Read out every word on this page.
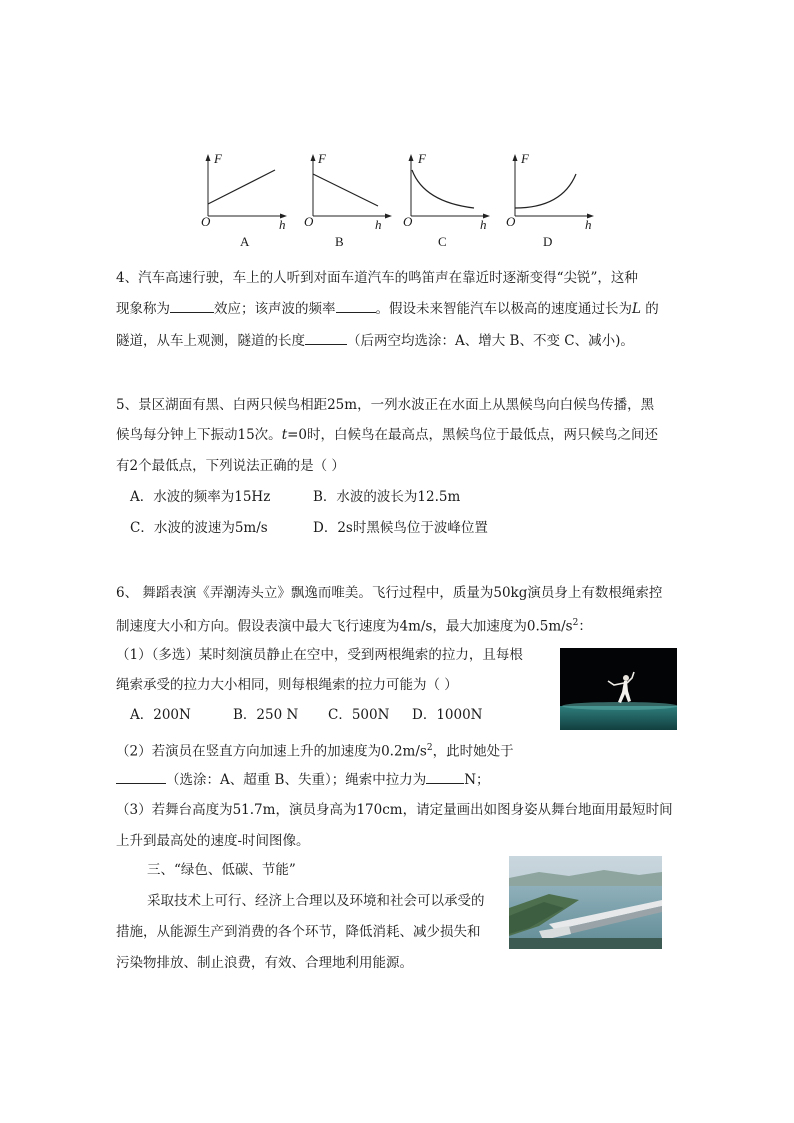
F	F	F	F
O	O	O	O
h	h	h	h
A	B	C	D
4、汽车高速行驶，车上的人听到对面车道汽车的鸣笛声在靠近时逐渐变得“尖锐”，这种
现象称为	效应；该声波的频率	。假设未来智能汽车以极高的速度通过长为L 的
隧道，从车上观测，隧道的长度	（后两空均选涂：A、增大 B、不变 C、减小)。
5、景区湖面有黑、白两只候鸟相距25m，一列水波正在水面上从黑候鸟向白候鸟传播，黑
候鸟每分钟上下振动15次。t=0时，白候鸟在最高点，黑候鸟位于最低点，两只候鸟之间还
有2个最低点，下列说法正确的是（ ）
A．水波的频率为15Hz	B．水波的波长为12.5m
C．水波的波速为5m/s	D．2s时黑候鸟位于波峰位置
6、 舞蹈表演《弄潮涛头立》飘逸而唯美。飞行过程中，质量为50kg演员身上有数根绳索控
制速度大小和方向。假设表演中最大飞行速度为4m/s，最大加速度为$0.5m/s^2$：
（1）（多选）某时刻演员静止在空中，受到两根绳索的拉力，且每根
绳索承受的拉力大小相同，则每根绳索的拉力可能为（ ）
A．200N	B．250 N C．500N D．1000N
（2）若演员在竖直方向加速上升的加速度为$0.2m/s^2$，此时她处于
（选涂：A、超重 B、失重）；绳索中拉力为	N；
（3）若舞台高度为51.7m，演员身高为170cm，请定量画出如图身姿从舞台地面用最短时间
上升到最高处的速度-时间图像。
三、“绿色、低碳、节能”
采取技术上可行、经济上合理以及环境和社会可以承受的
措施，从能源生产到消费的各个环节，降低消耗、减少损失和
污染物排放、制止浪费，有效、合理地利用能源。
